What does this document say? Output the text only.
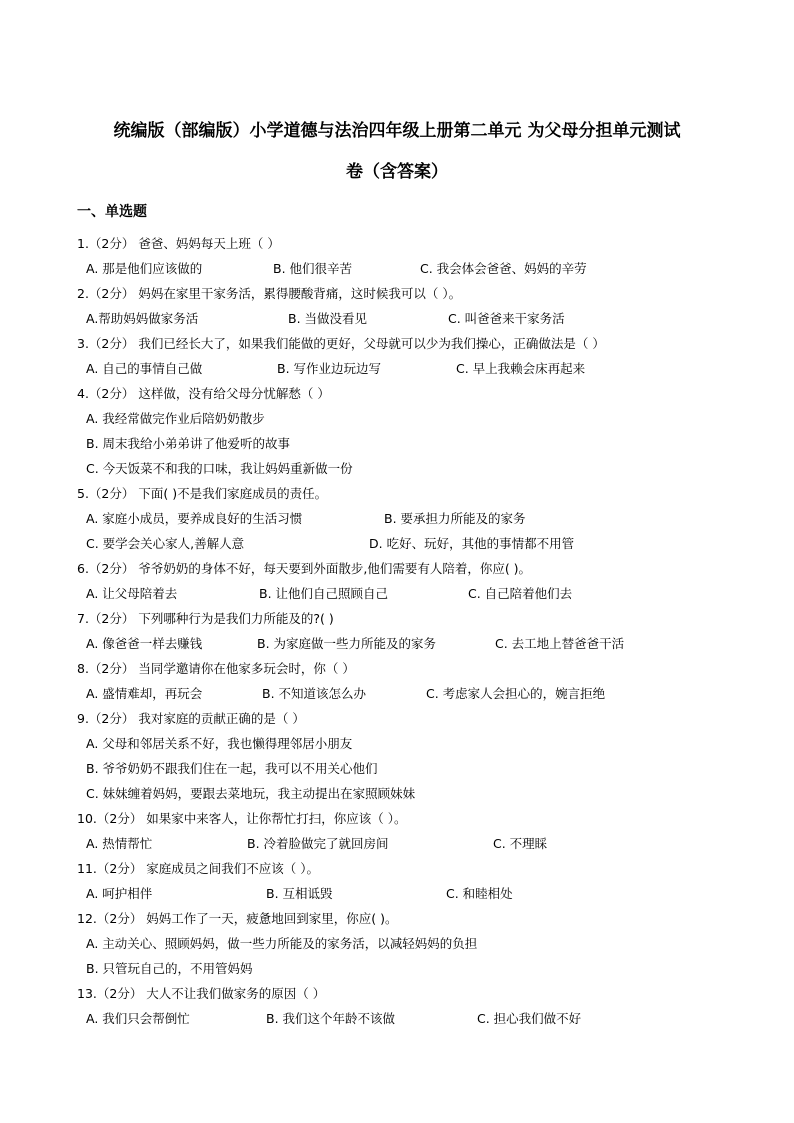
统编版（部编版）小学道德与法治四年级上册第二单元 为父母分担单元测试
卷（含答案）
一、单选题
1.（2分） 爸爸、妈妈每天上班（ ）
A. 那是他们应该做的	B. 他们很辛苦	C. 我会体会爸爸、妈妈的辛劳
2.（2分） 妈妈在家里干家务活，累得腰酸背痛，这时候我可以（ ）。
A.帮助妈妈做家务活	B. 当做没看见	C. 叫爸爸来干家务活
3.（2分） 我们已经长大了，如果我们能做的更好，父母就可以少为我们操心，正确做法是（ ）
A. 自己的事情自己做	B. 写作业边玩边写	C. 早上我赖会床再起来
4.（2分） 这样做，没有给父母分忧解愁（ ）
A. 我经常做完作业后陪奶奶散步
B. 周末我给小弟弟讲了他爱听的故事
C. 今天饭菜不和我的口味，我让妈妈重新做一份
5.（2分） 下面( )不是我们家庭成员的责任。
A. 家庭小成员，要养成良好的生活习惯	B. 要承担力所能及的家务
C. 要学会关心家人,善解人意	D. 吃好、玩好，其他的事情都不用管
6.（2分） 爷爷奶奶的身体不好，每天要到外面散步,他们需要有人陪着，你应( )。
A. 让父母陪着去	B. 让他们自己照顾自己	C. 自己陪着他们去
7.（2分） 下列哪种行为是我们力所能及的?( )
A. 像爸爸一样去赚钱	B. 为家庭做一些力所能及的家务	C. 去工地上替爸爸干活
8.（2分） 当同学邀请你在他家多玩会时，你（ ）
A. 盛情难却，再玩会	B. 不知道该怎么办	C. 考虑家人会担心的，婉言拒绝
9.（2分） 我对家庭的贡献正确的是（ ）
A. 父母和邻居关系不好，我也懒得理邻居小朋友
B. 爷爷奶奶不跟我们住在一起，我可以不用关心他们
C. 妹妹缠着妈妈，要跟去菜地玩，我主动提出在家照顾妹妹
10.（2分） 如果家中来客人，让你帮忙打扫，你应该（ ）。
A. 热情帮忙	B. 冷着脸做完了就回房间	C. 不理睬
11.（2分） 家庭成员之间我们不应该（ ）。
A. 呵护相伴	B. 互相诋毁	C. 和睦相处
12.（2分） 妈妈工作了一天，疲惫地回到家里，你应( )。
A. 主动关心、照顾妈妈，做一些力所能及的家务活，以减轻妈妈的负担
B. 只管玩自己的，不用管妈妈
13.（2分） 大人不让我们做家务的原因（ ）
A. 我们只会帮倒忙	B. 我们这个年龄不该做	C. 担心我们做不好
